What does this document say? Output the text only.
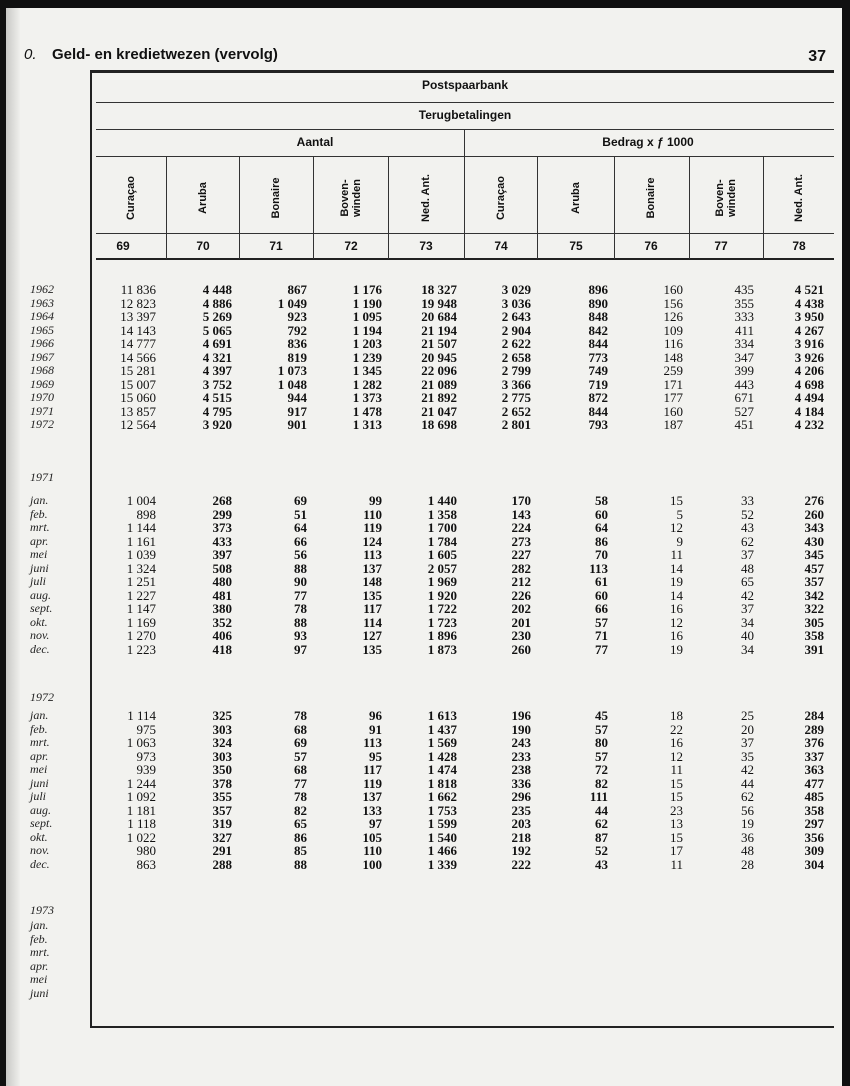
0. Geld- en kredietwezen (vervolg)	37
Postspaarbank
Terugbetalingen
Aantal	Bedrag x ƒ 1000
Curaçao	Aruba	Bonaire	Boven-winden	Ned. Ant.	Curaçao	Aruba	Bonaire	Boven-winden	Ned. Ant.
69	70	71	72	73	74	75	76	77	78
1962	11 836	4 448	867	1 176	18 327	3 029	896	160	435	4 521
1963	12 823	4 886	1 049	1 190	19 948	3 036	890	156	355	4 438
1964	13 397	5 269	923	1 095	20 684	2 643	848	126	333	3 950
1965	14 143	5 065	792	1 194	21 194	2 904	842	109	411	4 267
1966	14 777	4 691	836	1 203	21 507	2 622	844	116	334	3 916
1967	14 566	4 321	819	1 239	20 945	2 658	773	148	347	3 926
1968	15 281	4 397	1 073	1 345	22 096	2 799	749	259	399	4 206
1969	15 007	3 752	1 048	1 282	21 089	3 366	719	171	443	4 698
1970	15 060	4 515	944	1 373	21 892	2 775	872	177	671	4 494
1971	13 857	4 795	917	1 478	21 047	2 652	844	160	527	4 184
1972	12 564	3 920	901	1 313	18 698	2 801	793	187	451	4 232
1971
jan.	1 004	268	69	99	1 440	170	58	15	33	276
feb.	898	299	51	110	1 358	143	60	5	52	260
mrt.	1 144	373	64	119	1 700	224	64	12	43	343
apr.	1 161	433	66	124	1 784	273	86	9	62	430
mei	1 039	397	56	113	1 605	227	70	11	37	345
juni	1 324	508	88	137	2 057	282	113	14	48	457
juli	1 251	480	90	148	1 969	212	61	19	65	357
aug.	1 227	481	77	135	1 920	226	60	14	42	342
sept.	1 147	380	78	117	1 722	202	66	16	37	322
okt.	1 169	352	88	114	1 723	201	57	12	34	305
nov.	1 270	406	93	127	1 896	230	71	16	40	358
dec.	1 223	418	97	135	1 873	260	77	19	34	391
1972
jan.	1 114	325	78	96	1 613	196	45	18	25	284
feb.	975	303	68	91	1 437	190	57	22	20	289
mrt.	1 063	324	69	113	1 569	243	80	16	37	376
apr.	973	303	57	95	1 428	233	57	12	35	337
mei	939	350	68	117	1 474	238	72	11	42	363
juni	1 244	378	77	119	1 818	336	82	15	44	477
juli	1 092	355	78	137	1 662	296	111	15	62	485
aug.	1 181	357	82	133	1 753	235	44	23	56	358
sept.	1 118	319	65	97	1 599	203	62	13	19	297
okt.	1 022	327	86	105	1 540	218	87	15	36	356
nov.	980	291	85	110	1 466	192	52	17	48	309
dec.	863	288	88	100	1 339	222	43	11	28	304
1973
jan.
feb.
mrt.
apr.
mei
juni
